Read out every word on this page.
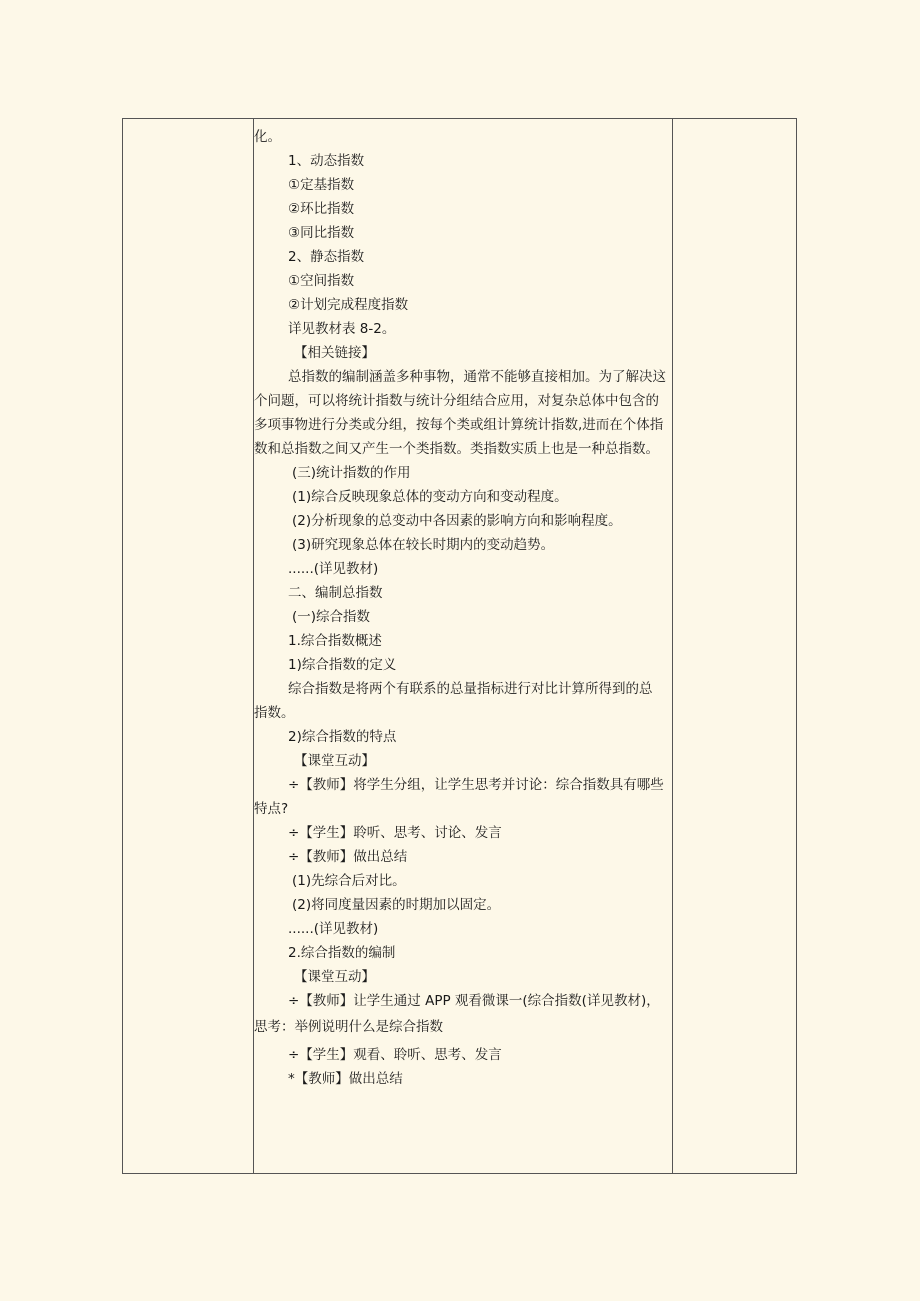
化。
1、动态指数
①定基指数
②环比指数
③同比指数
2、静态指数
①空间指数
②计划完成程度指数
详见教材表 8-2。
【相关链接】
总指数的编制涵盖多种事物，通常不能够直接相加。为了解决这
个问题，可以将统计指数与统计分组结合应用，对复杂总体中包含的
多项事物进行分类或分组，按每个类或组计算统计指数,进而在个体指
数和总指数之间又产生一个类指数。类指数实质上也是一种总指数。
(三)统计指数的作用
(1)综合反映现象总体的变动方向和变动程度。
(2)分析现象的总变动中各因素的影响方向和影响程度。
(3)研究现象总体在较长时期内的变动趋势。
......(详见教材)
二、编制总指数
(一)综合指数
1.综合指数概述
1)综合指数的定义
综合指数是将两个有联系的总量指标进行对比计算所得到的总
指数。
2)综合指数的特点
【课堂互动】
÷【教师】将学生分组，让学生思考并讨论：综合指数具有哪些
特点?
÷【学生】聆听、思考、讨论、发言
÷【教师】做出总结
(1)先综合后对比。
(2)将同度量因素的时期加以固定。
......(详见教材)
2.综合指数的编制
【课堂互动】
÷【教师】让学生通过 APP 观看微课一(综合指数(详见教材)，
思考：举例说明什么是综合指数
÷【学生】观看、聆听、思考、发言
*【教师】做出总结
